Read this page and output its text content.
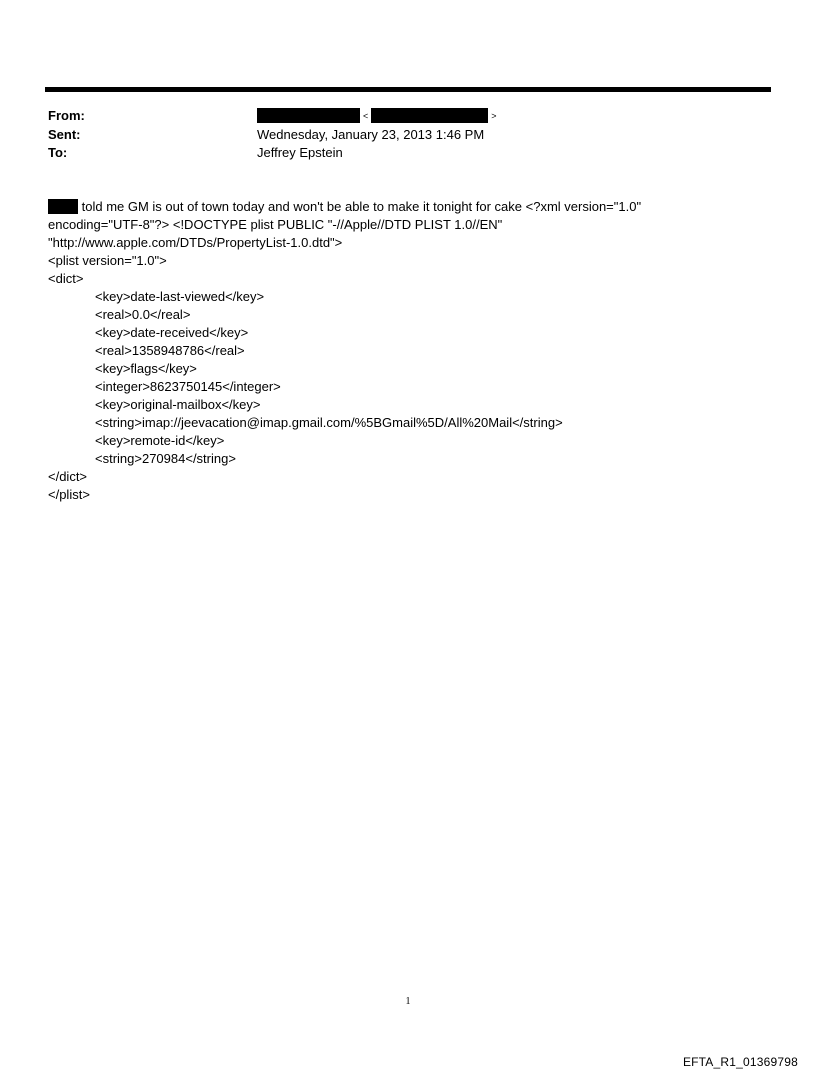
From:	<	>
Sent:	Wednesday, January 23, 2013 1:46 PM
To:	Jeffrey Epstein
told me GM is out of town today and won't be able to make it tonight for cake <?xml version="1.0"
encoding="UTF-8"?> <!DOCTYPE plist PUBLIC "-//Apple//DTD PLIST 1.0//EN"
"http://www.apple.com/DTDs/PropertyList-1.0.dtd">
<plist version="1.0">
<dict>
<key>date-last-viewed</key>
<real>0.0</real>
<key>date-received</key>
<real>1358948786</real>
<key>flags</key>
<integer>8623750145</integer>
<key>original-mailbox</key>
<string>imap://jeevacation@imap.gmail.com/%5BGmail%5D/All%20Mail</string>
<key>remote-id</key>
<string>270984</string>
</dict>
</plist>
1
EFTA_R1_01369798
